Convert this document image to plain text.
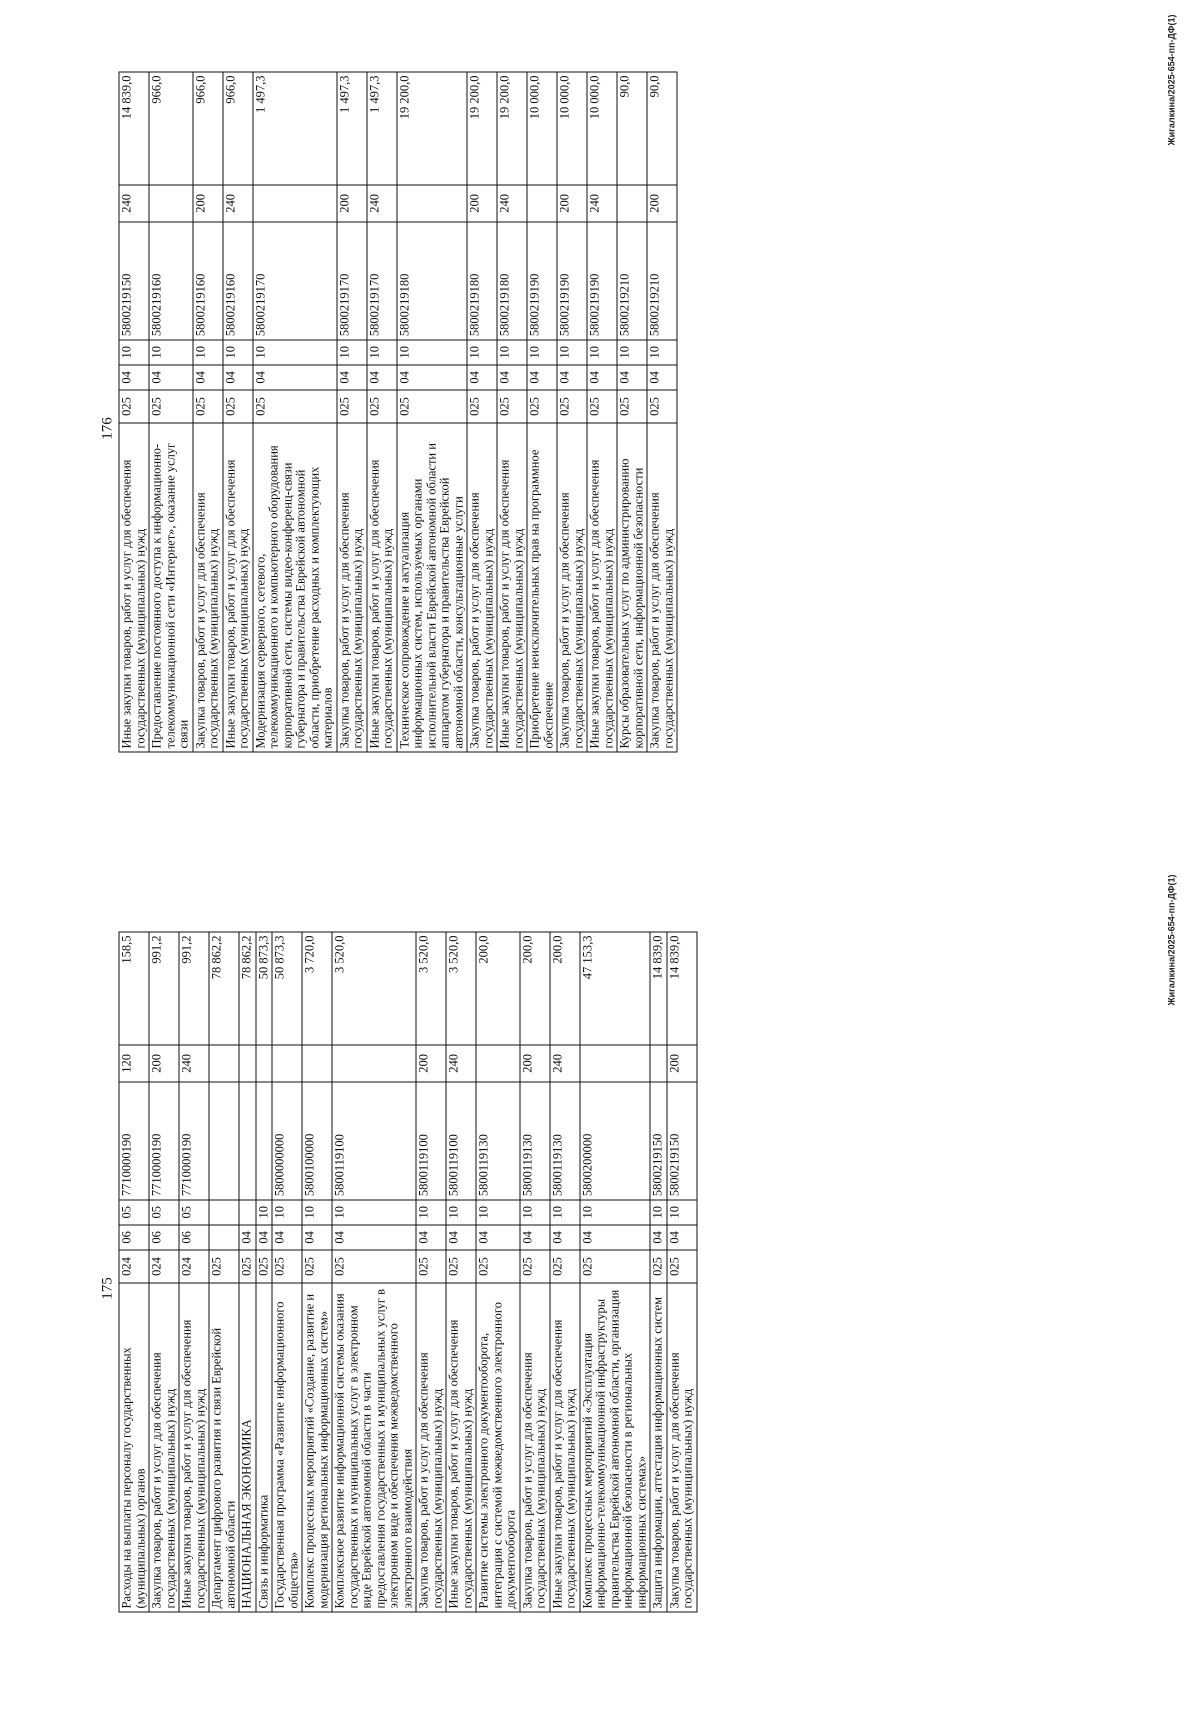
175
Расходы на выплаты персоналу государственных (муниципальных) органов	024	06	05	7710000190	120	158,5
Закупка товаров, работ и услуг для обеспечения государственных (муниципальных) нужд	024	06	05	7710000190	200	991,2
Иные закупки товаров, работ и услуг для обеспечения государственных (муниципальных) нужд	024	06	05	7710000190	240	991,2
Департамент цифрового развития и связи Еврейской автономной области	025					78 862,2
НАЦИОНАЛЬНАЯ ЭКОНОМИКА	025	04				78 862,2
Связь и информатика	025	04	10			50 873,3
Государственная программа «Развитие информационного общества»	025	04	10	5800000000		50 873,3
Комплекс процессных мероприятий «Создание, развитие и модернизация региональных информационных систем»	025	04	10	5800100000		3 720,0
Комплексное развитие информационной системы оказания государственных и муниципальных услуг в электронном виде Еврейской автономной области в части предоставления государственных и муниципальных услуг в электронном виде и обеспечения межведомственного электронного взаимодействия	025	04	10	5800119100		3 520,0
Закупка товаров, работ и услуг для обеспечения государственных (муниципальных) нужд	025	04	10	5800119100	200	3 520,0
Иные закупки товаров, работ и услуг для обеспечения государственных (муниципальных) нужд	025	04	10	5800119100	240	3 520,0
Развитие системы электронного документооборота, интеграция с системой межведомственного электронного документооборота	025	04	10	5800119130		200,0
Закупка товаров, работ и услуг для обеспечения государственных (муниципальных) нужд	025	04	10	5800119130	200	200,0
Иные закупки товаров, работ и услуг для обеспечения государственных (муниципальных) нужд	025	04	10	5800119130	240	200,0
Комплекс процессных мероприятий «Эксплуатация информационно-телекоммуникационной инфраструктуры правительства Еврейской автономной области, организация информационной безопасности в региональных информационных системах»	025	04	10	5800200000		47 153,3
Защита информации, аттестация информационных систем	025	04	10	5800219150		14 839,0
Закупка товаров, работ и услуг для обеспечения государственных (муниципальных) нужд	025	04	10	5800219150	200	14 839,0	Жигалкина/2025-654-пп-ДФ(1)
176
Иные закупки товаров, работ и услуг для обеспечения государственных (муниципальных) нужд	025	04	10	5800219150	240	14 839,0
Предоставление постоянного доступа к информационно-телекоммуникационной сети «Интернет», оказание услуг связи	025	04	10	5800219160		966,0
Закупка товаров, работ и услуг для обеспечения государственных (муниципальных) нужд	025	04	10	5800219160	200	966,0
Иные закупки товаров, работ и услуг для обеспечения государственных (муниципальных) нужд	025	04	10	5800219160	240	966,0
Модернизация серверного, сетевого, телекоммуникационного и компьютерного оборудования корпоративной сети, системы видео-конференц-связи губернатора и правительства Еврейской автономной области, приобретение расходных и комплектующих материалов	025	04	10	5800219170		1 497,3
Закупка товаров, работ и услуг для обеспечения государственных (муниципальных) нужд	025	04	10	5800219170	200	1 497,3
Иные закупки товаров, работ и услуг для обеспечения государственных (муниципальных) нужд	025	04	10	5800219170	240	1 497,3
Техническое сопровождение и актуализация информационных систем, используемых органами исполнительной власти Еврейской автономной области и аппаратом губернатора и правительства Еврейской автономной области, консультационные услуги	025	04	10	5800219180		19 200,0
Закупка товаров, работ и услуг для обеспечения государственных (муниципальных) нужд	025	04	10	5800219180	200	19 200,0
Иные закупки товаров, работ и услуг для обеспечения государственных (муниципальных) нужд	025	04	10	5800219180	240	19 200,0
Приобретение неисключительных прав на программное обеспечение	025	04	10	5800219190		10 000,0
Закупка товаров, работ и услуг для обеспечения государственных (муниципальных) нужд	025	04	10	5800219190	200	10 000,0
Иные закупки товаров, работ и услуг для обеспечения государственных (муниципальных) нужд	025	04	10	5800219190	240	10 000,0
Курсы образовательных услуг по администрированию корпоративной сети, информационной безопасности	025	04	10	5800219210		90,0
Закупка товаров, работ и услуг для обеспечения государственных (муниципальных) нужд	025	04	10	5800219210	200	90,0	Жигалкина/2025-654-пп-ДФ(1)
